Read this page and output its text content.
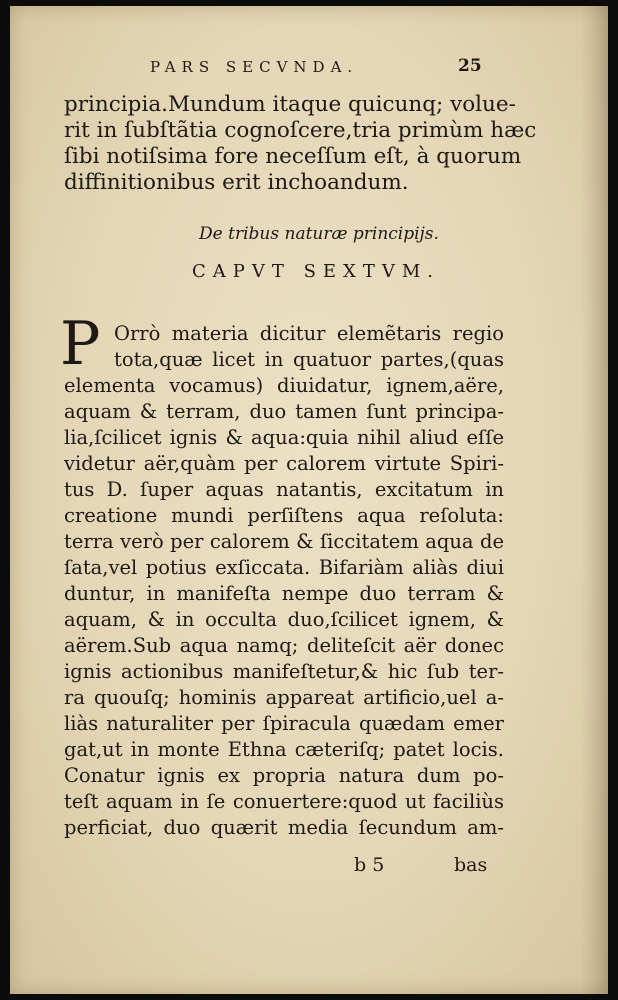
PARS SECVNDA.	25
principia.Mundum itaque quicunq; volue-
rit in ſubſtãtia cognoſcere,tria primùm hæc
ſibi notiſsima fore neceſſum eſt, à quorum
diffinitionibus erit inchoandum.
De tribus naturæ principijs.
CAPVT SEXTVM.
P Orrò materia dicitur elemẽtaris regio
tota,quæ licet in quatuor partes,(quas
elementa vocamus) diuidatur, ignem,aëre,
aquam & terram, duo tamen ſunt principa-
lia,ſcilicet ignis & aqua:quia nihil aliud eſſe
videtur aër,quàm per calorem virtute Spiri-
tus D. ſuper aquas natantis, excitatum in
creatione mundi perſiſtens aqua reſoluta:
terra verò per calorem & ſiccitatem aqua de
ſata,vel potius exſiccata. Bifariàm aliàs diui
duntur, in manifeſta nempe duo terram &
aquam, & in occulta duo,ſcilicet ignem, &
aërem.Sub aqua namq; deliteſcit aër donec
ignis actionibus manifeſtetur,& hic ſub ter-
ra quouſq; hominis appareat artificio,uel a-
liàs naturaliter per ſpiracula quædam emer
gat,ut in monte Ethna cæteriſq; patet locis.
Conatur ignis ex propria natura dum po-
teſt aquam in ſe conuertere:quod ut faciliùs
perficiat, duo quærit media ſecundum am-
b 5	bas
